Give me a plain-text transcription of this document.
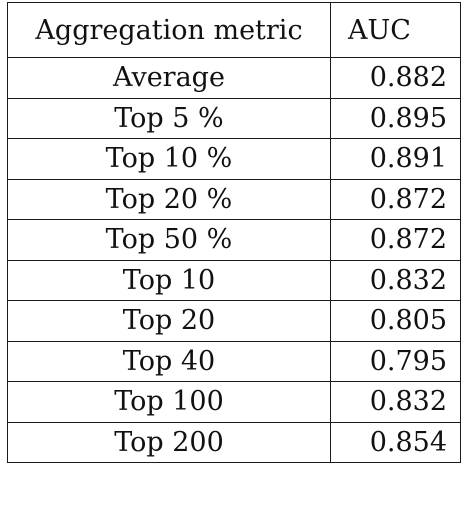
Aggregation metric	AUC
Average	0.882
Top 5 %	0.895
Top 10 %	0.891
Top 20 %	0.872
Top 50 %	0.872
Top 10	0.832
Top 20	0.805
Top 40	0.795
Top 100	0.832
Top 200	0.854
